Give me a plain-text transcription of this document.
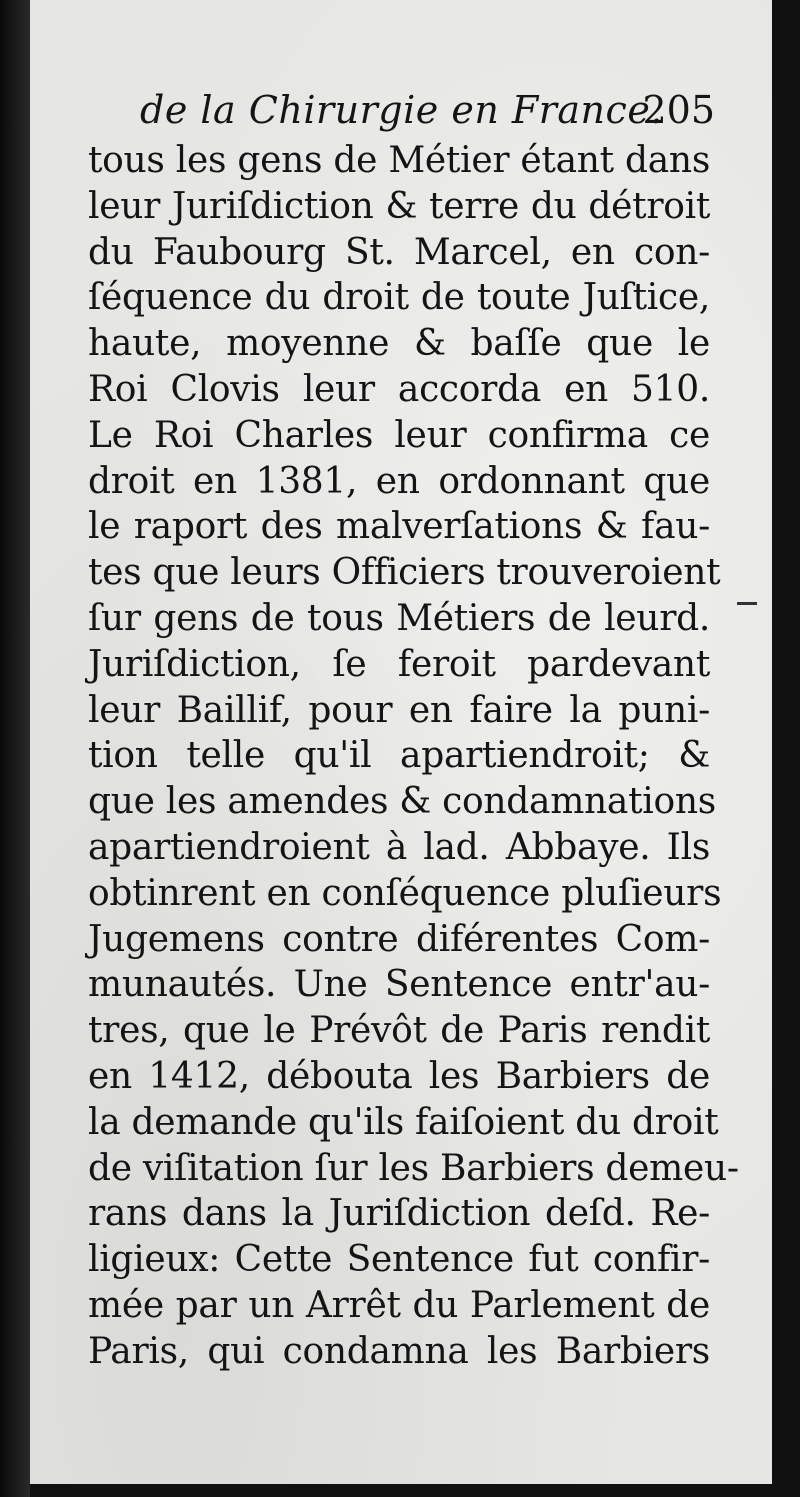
de la Chirurgie en France.
205
tous les gens de Métier étant dans
leur Juriſdiction & terre du détroit
du Faubourg St. Marcel, en con-
ſéquence du droit de toute Juſtice,
haute, moyenne & baſſe que le
Roi Clovis leur accorda en 510.
Le Roi Charles leur confirma ce
droit en 1381, en ordonnant que
le raport des malverſations & fau-
tes que leurs Officiers trouveroient
ſur gens de tous Métiers de leurd.
Juriſdiction, ſe feroit pardevant
leur Baillif, pour en faire la puni-
tion telle qu'il apartiendroit; &
que les amendes & condamnations
apartiendroient à lad. Abbaye. Ils
obtinrent en conſéquence pluſieurs
Jugemens contre diférentes Com-
munautés. Une Sentence entr'au-
tres, que le Prévôt de Paris rendit
en 1412, débouta les Barbiers de
la demande qu'ils faiſoient du droit
de viſitation ſur les Barbiers demeu-
rans dans la Juriſdiction deſd. Re-
ligieux: Cette Sentence fut confir-
mée par un Arrêt du Parlement de
Paris, qui condamna les Barbiers
